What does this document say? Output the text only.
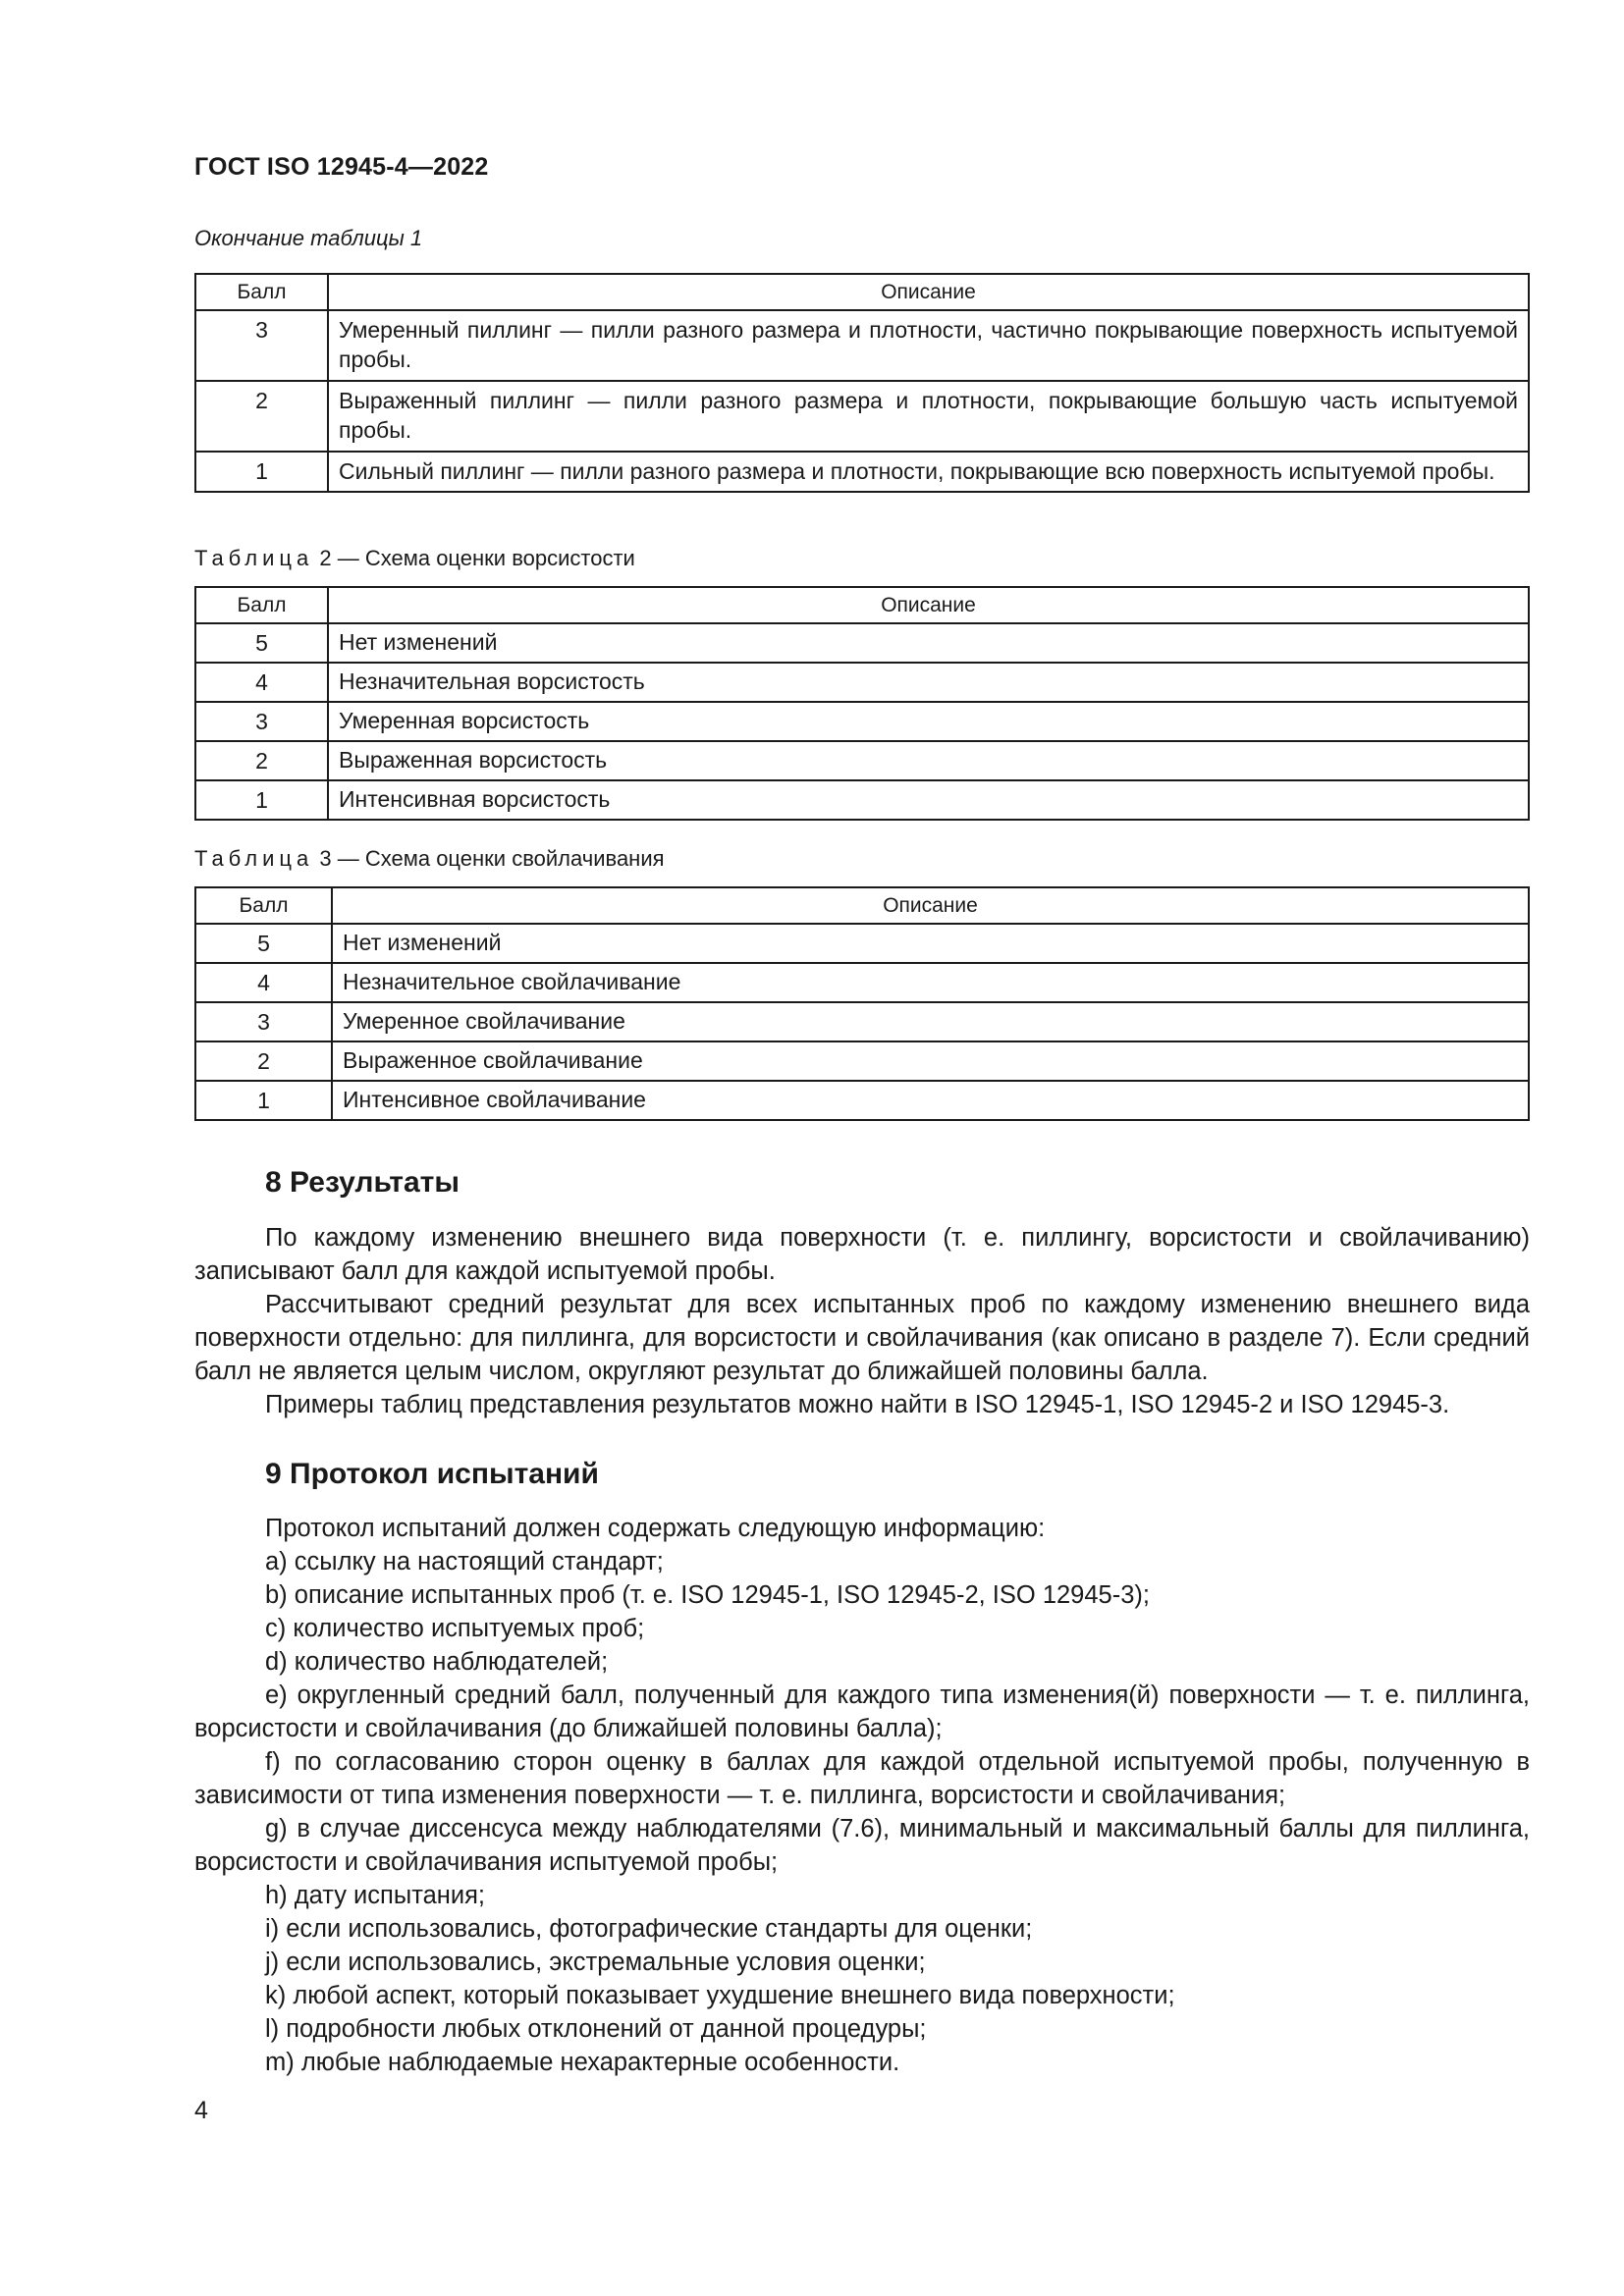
ГОСТ ISO 12945-4—2022
Окончание таблицы 1
Балл	Описание
3	Умеренный пиллинг — пилли разного размера и плотности, частично покрывающие поверхность испытуемой пробы.
2	Выраженный пиллинг — пилли разного размера и плотности, покрывающие большую часть испытуемой пробы.
1	Сильный пиллинг — пилли разного размера и плотности, покрывающие всю поверхность испытуемой пробы.
Таблица 2 — Схема оценки ворсистости
Балл	Описание
5	Нет изменений
4	Незначительная ворсистость
3	Умеренная ворсистость
2	Выраженная ворсистость
1	Интенсивная ворсистость
Таблица 3 — Схема оценки свойлачивания
Балл	Описание
5	Нет изменений
4	Незначительное свойлачивание
3	Умеренное свойлачивание
2	Выраженное свойлачивание
1	Интенсивное свойлачивание
8 Результаты

По каждому изменению внешнего вида поверхности (т. е. пиллингу, ворсистости и свойлачиванию) записывают балл для каждой испытуемой пробы.

Рассчитывают средний результат для всех испытанных проб по каждому изменению внешнего вида поверхности отдельно: для пиллинга, для ворсистости и свойлачивания (как описано в разделе 7). Если средний балл не является целым числом, округляют результат до ближайшей половины балла.

Примеры таблиц представления результатов можно найти в ISO 12945-1, ISO 12945-2 и ISO 12945-3.

9 Протокол испытаний

Протокол испытаний должен содержать следующую информацию:

a) ссылку на настоящий стандарт;

b) описание испытанных проб (т. е. ISO 12945-1, ISO 12945-2, ISO 12945-3);

c) количество испытуемых проб;

d) количество наблюдателей;

e) округленный средний балл, полученный для каждого типа изменения(й) поверхности — т. е. пиллинга, ворсистости и свойлачивания (до ближайшей половины балла);

f) по согласованию сторон оценку в баллах для каждой отдельной испытуемой пробы, полученную в зависимости от типа изменения поверхности — т. е. пиллинга, ворсистости и свойлачивания;

g) в случае диссенсуса между наблюдателями (7.6), минимальный и максимальный баллы для пиллинга, ворсистости и свойлачивания испытуемой пробы;

h) дату испытания;

i) если использовались, фотографические стандарты для оценки;

j) если использовались, экстремальные условия оценки;

k) любой аспект, который показывает ухудшение внешнего вида поверхности;

l) подробности любых отклонений от данной процедуры;

m) любые наблюдаемые нехарактерные особенности.

4
